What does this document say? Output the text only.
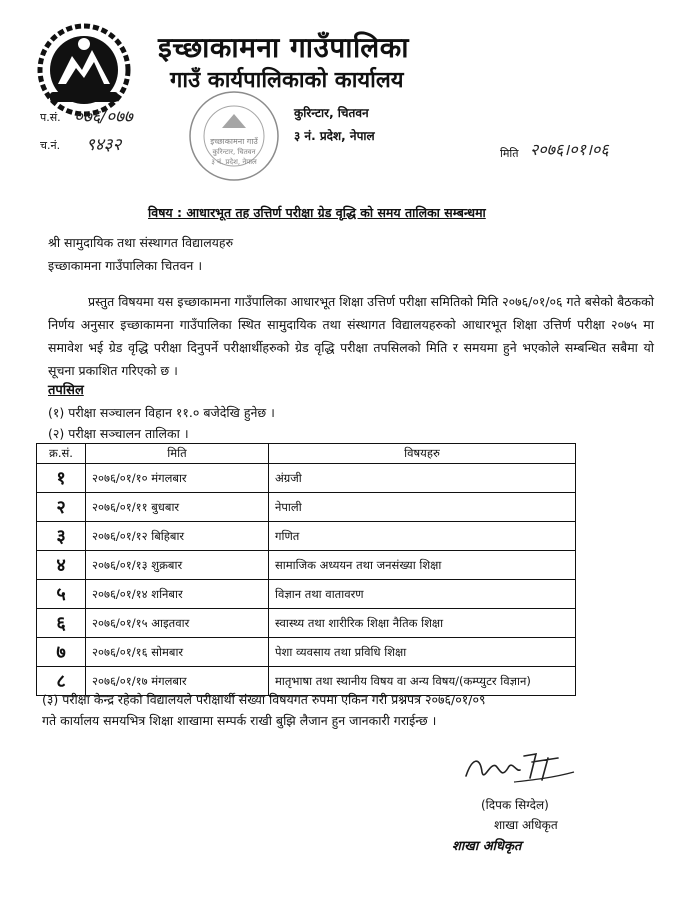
इच्छाकामना गाउँपालिका
गाउँ कार्यपालिकाको कार्यालय
प.सं. ०७६/०७७
च.नं. ९४३२	इच्छाकामना गाउँ
कुरिन्टार, चितवन
३ नं. प्रदेश, नेपाल
कुरिन्टार, चितवन
३ नं. प्रदेश, नेपाल
मिति २०७६।०१।०६
विषय : आधारभूत तह उत्तिर्ण परीक्षा ग्रेड वृद्धि को समय तालिका सम्बन्धमा
श्री सामुदायिक तथा संस्थागत विद्यालयहरु
इच्छाकामना गाउँपालिका चितवन ।
प्रस्तुत विषयमा यस इच्छाकामना गाउँपालिका आधारभूत शिक्षा उत्तिर्ण परीक्षा समितिको मिति २०७६/०१/०६ गते बसेको बैठकको निर्णय अनुसार इच्छाकामना गाउँपालिका स्थित सामुदायिक तथा संस्थागत विद्यालयहरुको आधारभूत शिक्षा उत्तिर्ण परीक्षा २०७५ मा समावेश भई ग्रेड वृद्धि परीक्षा दिनुपर्ने परीक्षार्थीहरुको ग्रेड वृद्धि परीक्षा तपसिलको मिति र समयमा हुने भएकोले सम्बन्धित सबैमा यो सूचना प्रकाशित गरिएको छ ।
तपसिल
(१) परीक्षा सञ्चालन विहान ११.० बजेदेखि हुनेछ ।
(२) परीक्षा सञ्चालन तालिका ।
क्र.सं.	मिति	विषयहरु
१	२०७६/०१/१० मंगलबार	अंग्रजी
२	२०७६/०१/११ बुधबार	नेपाली
३	२०७६/०१/१२ बिहिबार	गणित
४	२०७६/०१/१३ शुक्रबार	सामाजिक अध्ययन तथा जनसंख्या शिक्षा
५	२०७६/०१/१४ शनिबार	विज्ञान तथा वातावरण
६	२०७६/०१/१५ आइतवार	स्वास्थ्य तथा शारीरिक शिक्षा नैतिक शिक्षा
७	२०७६/०१/१६ सोमबार	पेशा व्यवसाय तथा प्रविधि शिक्षा
८	२०७६/०१/१७ मंगलबार	मातृभाषा तथा स्थानीय विषय वा अन्य विषय/(कम्प्युटर विज्ञान)
(३) परीक्षा केन्द्र रहेको विद्यालयले परीक्षार्थी संख्या विषयगत रुपमा एकिन गरी प्रश्नपत्र २०७६/०१/०९
गते कार्यालय समयभित्र शिक्षा शाखामा सम्पर्क राखी बुझि लैजान हुन जानकारी गराईन्छ ।
(दिपक सिग्देल)
शाखा अधिकृत
शाखा अधिकृत
